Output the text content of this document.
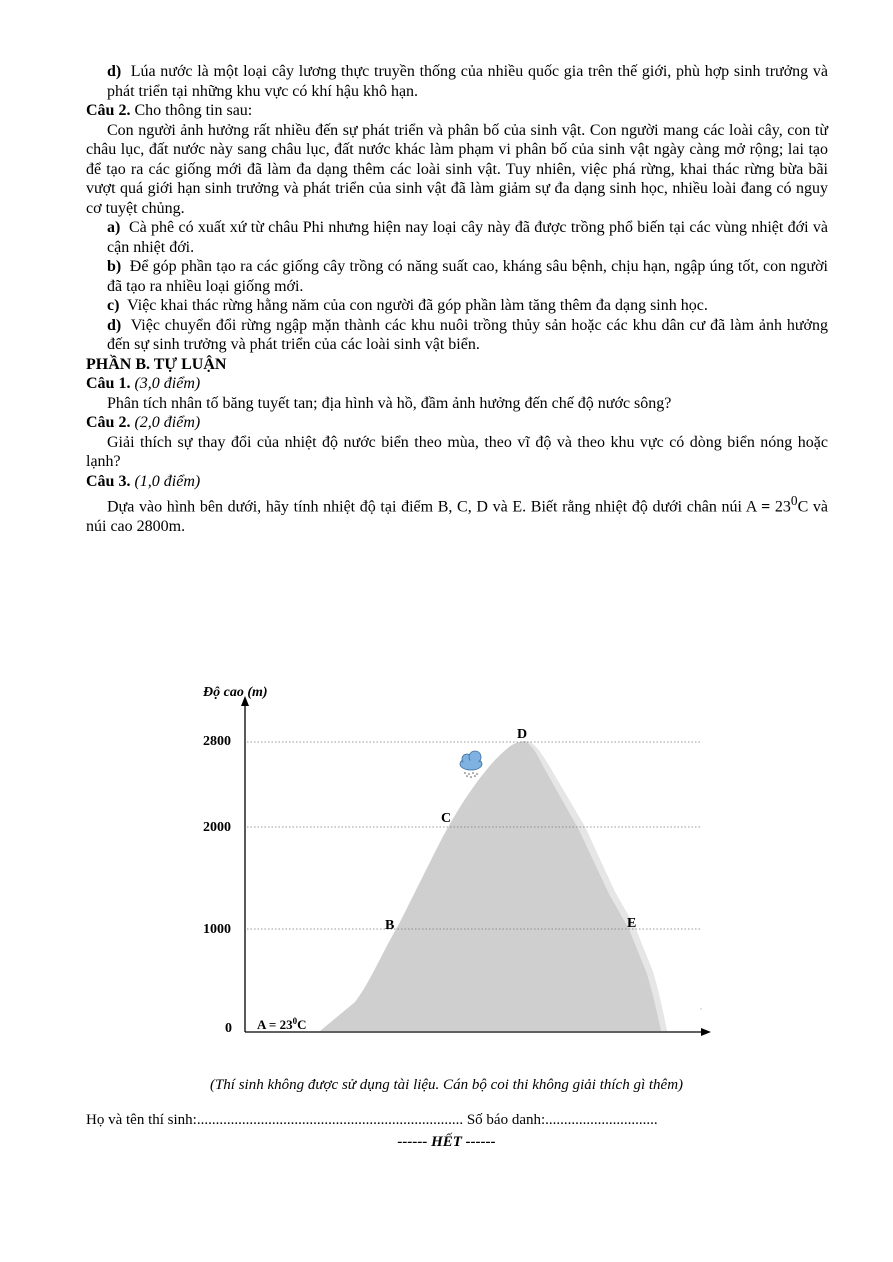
d) Lúa nước là một loại cây lương thực truyền thống của nhiều quốc gia trên thế giới, phù hợp sinh trưởng và phát triển tại những khu vực có khí hậu khô hạn.

Câu 2. Cho thông tin sau:

Con người ảnh hưởng rất nhiều đến sự phát triển và phân bố của sinh vật. Con người mang các loài cây, con từ châu lục, đất nước này sang châu lục, đất nước khác làm phạm vi phân bố của sinh vật ngày càng mở rộng; lai tạo để tạo ra các giống mới đã làm đa dạng thêm các loài sinh vật. Tuy nhiên, việc phá rừng, khai thác rừng bừa bãi vượt quá giới hạn sinh trưởng và phát triển của sinh vật đã làm giảm sự đa dạng sinh học, nhiều loài đang có nguy cơ tuyệt chủng.

a) Cà phê có xuất xứ từ châu Phi nhưng hiện nay loại cây này đã được trồng phổ biến tại các vùng nhiệt đới và cận nhiệt đới.

b) Để góp phần tạo ra các giống cây trồng có năng suất cao, kháng sâu bệnh, chịu hạn, ngập úng tốt, con người đã tạo ra nhiều loại giống mới.

c) Việc khai thác rừng hằng năm của con người đã góp phần làm tăng thêm đa dạng sinh học.

d) Việc chuyển đổi rừng ngập mặn thành các khu nuôi trồng thủy sản hoặc các khu dân cư đã làm ảnh hưởng đến sự sinh trưởng và phát triển của các loài sinh vật biển.

PHẦN B. TỰ LUẬN

Câu 1. (3,0 điểm)

Phân tích nhân tố băng tuyết tan; địa hình và hồ, đầm ảnh hưởng đến chế độ nước sông?

Câu 2. (2,0 điểm)

Giải thích sự thay đổi của nhiệt độ nước biển theo mùa, theo vĩ độ và theo khu vực có dòng biển nóng hoặc lạnh?

Câu 3. (1,0 điểm)

Dựa vào hình bên dưới, hãy tính nhiệt độ tại điểm B, C, D và E. Biết rằng nhiệt độ dưới chân núi $A = 23^0C$ và núi cao 2800m.

Độ cao (m)
2800
2000
1000
0 $A = 23^0C$
B
C
D
E
(Thí sinh không được sử dụng tài liệu. Cán bộ coi thi không giải thích gì thêm)
Họ và tên thí sinh:....................................................................... Số báo danh:..............................
------ HẾT ------
